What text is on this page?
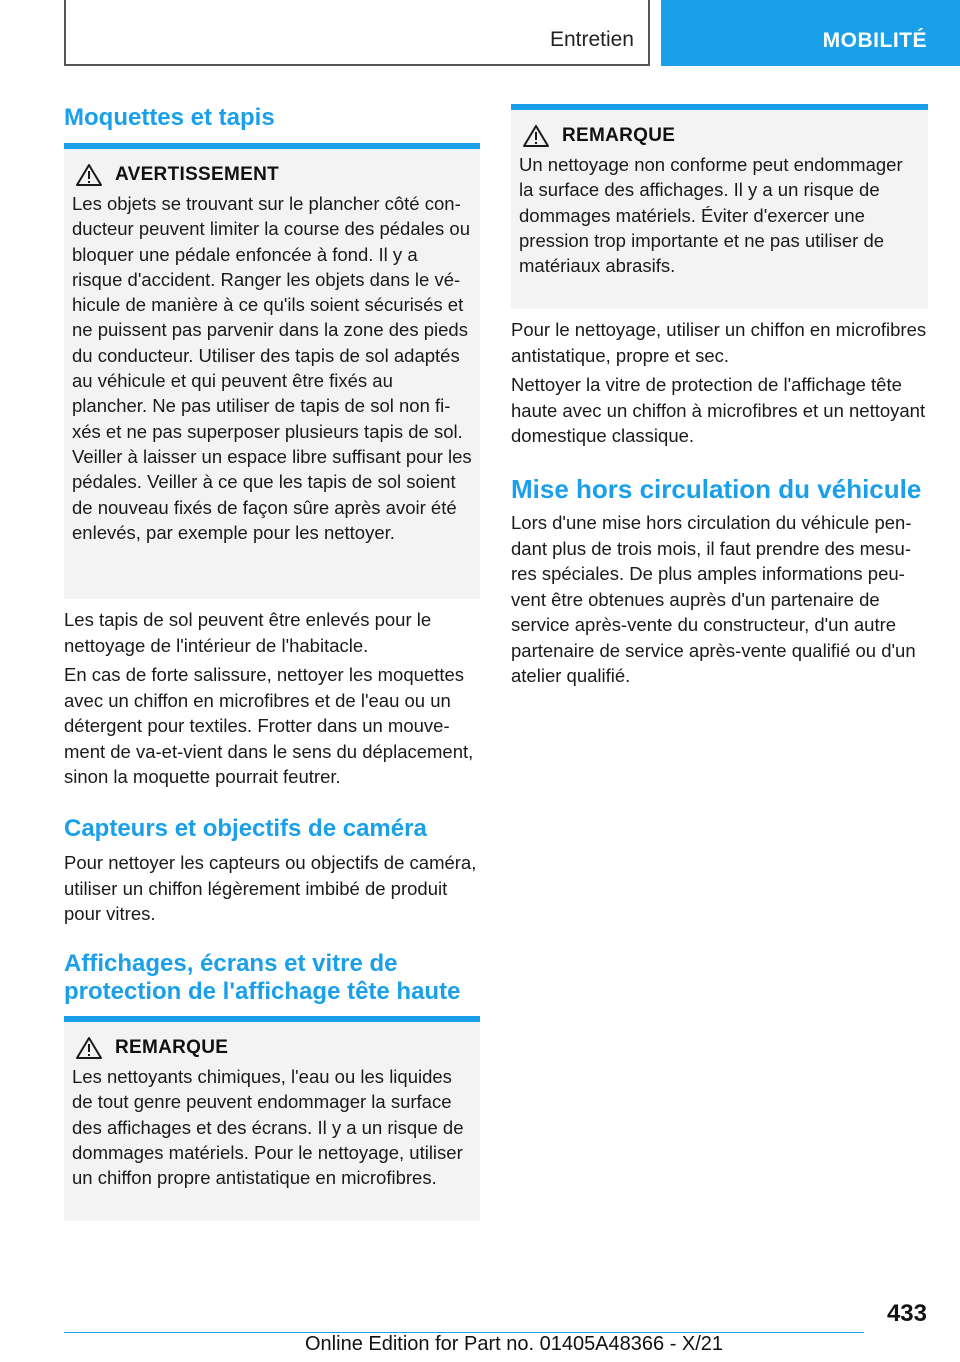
Entretien	MOBILITÉ
Moquettes et tapis
AVERTISSEMENT

Les objets se trouvant sur le plancher côté conducteur peuvent limiter la course des pédales ou bloquer une pédale enfoncée à fond. Il y a risque d'accident. Ranger les objets dans le véhicule de manière à ce qu'ils soient sécurisés et ne puissent pas parvenir dans la zone des pieds du conducteur. Utiliser des tapis de sol adaptés au véhicule et qui peuvent être fixés au plancher. Ne pas utiliser de tapis de sol non fixés et ne pas superposer plusieurs tapis de sol. Veiller à laisser un espace libre suffisant pour les pédales. Veiller à ce que les tapis de sol soient de nouveau fixés de façon sûre après avoir été enlevés, par exemple pour les nettoyer.

Les tapis de sol peuvent être enlevés pour le nettoyage de l'intérieur de l'habitacle.

En cas de forte salissure, nettoyer les moquettes avec un chiffon en microfibres et de l'eau ou un détergent pour textiles. Frotter dans un mouvement de va-et-vient dans le sens du déplacement, sinon la moquette pourrait feutrer.

Capteurs et objectifs de caméra

Pour nettoyer les capteurs ou objectifs de caméra, utiliser un chiffon légèrement imbibé de produit pour vitres.

Affichages, écrans et vitre de protection de l'affichage tête haute
REMARQUE

Les nettoyants chimiques, l'eau ou les liquides de tout genre peuvent endommager la surface des affichages et des écrans. Il y a un risque de dommages matériels. Pour le nettoyage, utiliser un chiffon propre antistatique en microfibres.

REMARQUE

Un nettoyage non conforme peut endommager la surface des affichages. Il y a un risque de dommages matériels. Éviter d'exercer une pression trop importante et ne pas utiliser de matériaux abrasifs.

Pour le nettoyage, utiliser un chiffon en microfibres antistatique, propre et sec.

Nettoyer la vitre de protection de l'affichage tête haute avec un chiffon à microfibres et un nettoyant domestique classique.

Mise hors circulation du véhicule

Lors d'une mise hors circulation du véhicule pendant plus de trois mois, il faut prendre des mesures spéciales. De plus amples informations peuvent être obtenues auprès d'un partenaire de service après-vente du constructeur, d'un autre partenaire de service après-vente qualifié ou d'un atelier qualifié.

433
Online Edition for Part no. 01405A48366 - X/21
